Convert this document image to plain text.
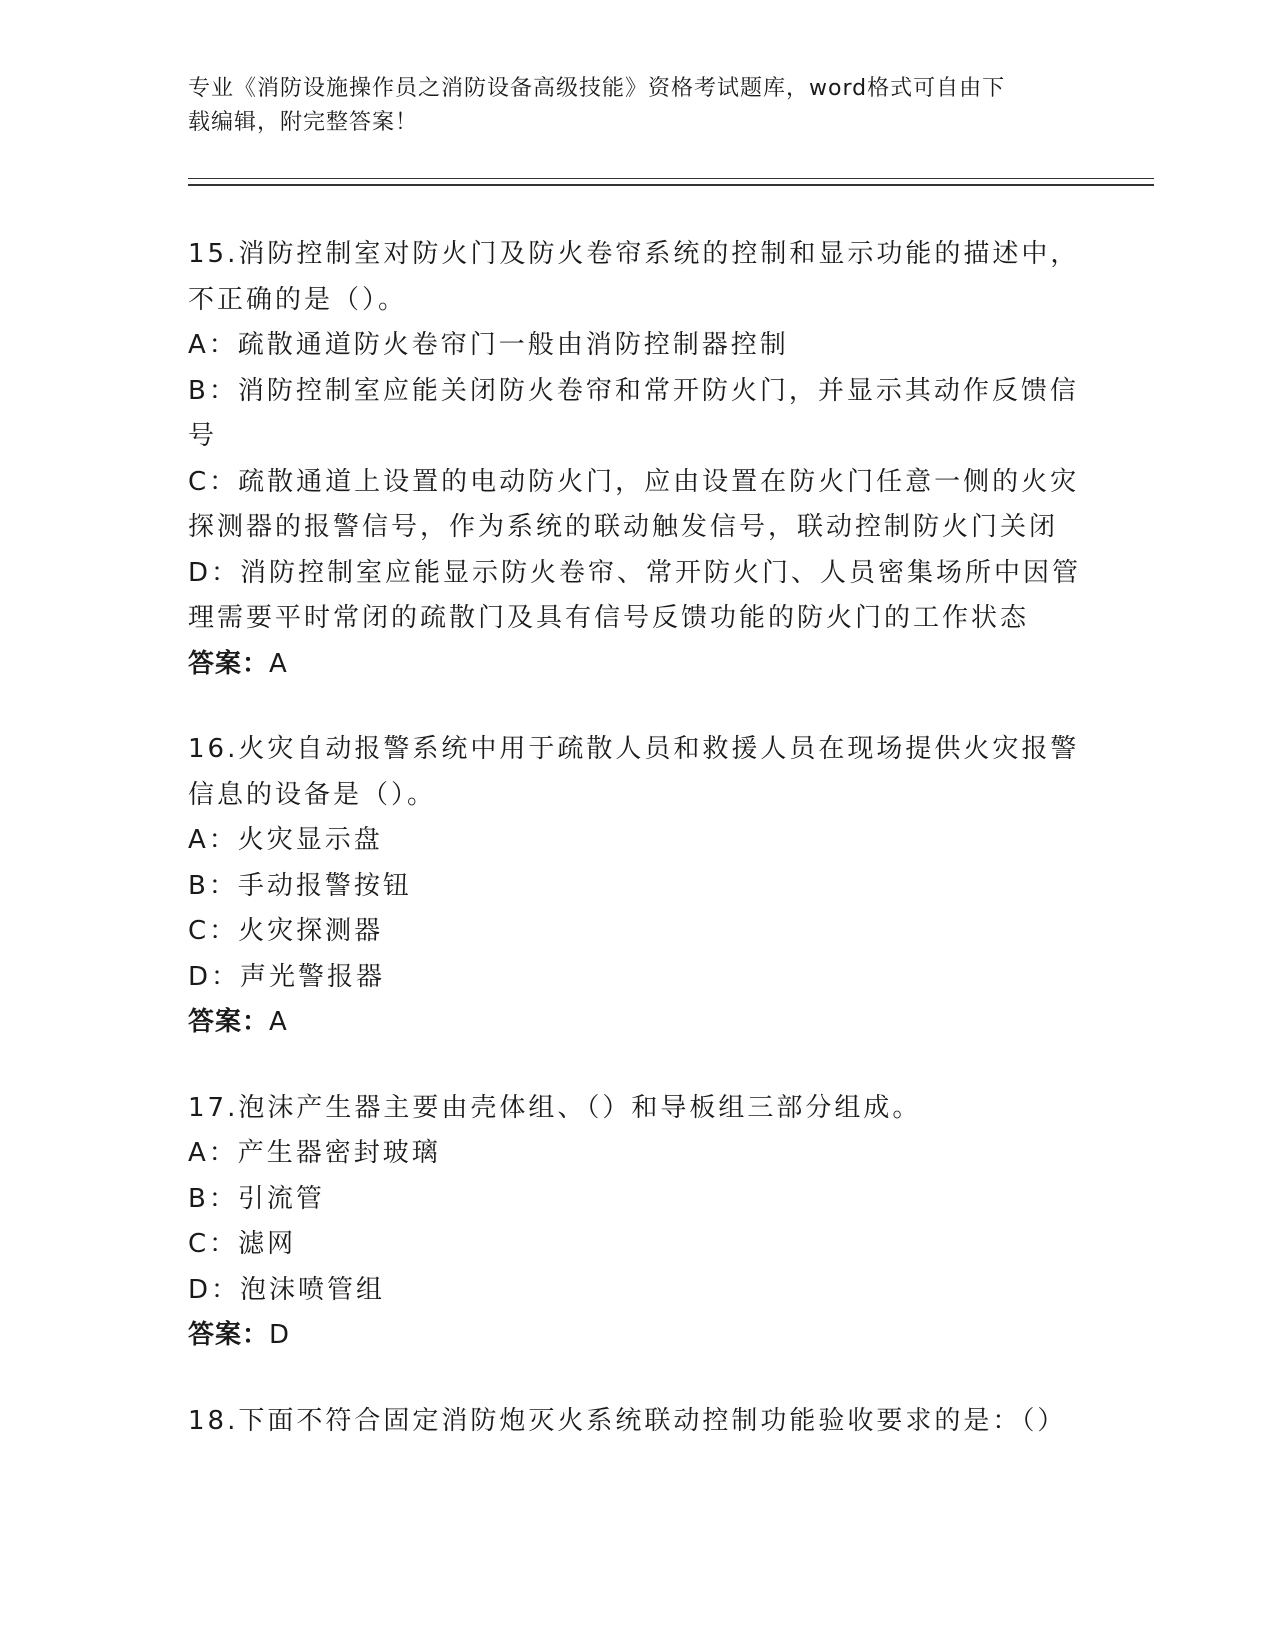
专业《消防设施操作员之消防设备高级技能》资格考试题库，word格式可自由下
载编辑，附完整答案！
15.消防控制室对防火门及防火卷帘系统的控制和显示功能的描述中，
不正确的是（）。
A：疏散通道防火卷帘门一般由消防控制器控制
B：消防控制室应能关闭防火卷帘和常开防火门，并显示其动作反馈信
号
C：疏散通道上设置的电动防火门，应由设置在防火门任意一侧的火灾
探测器的报警信号，作为系统的联动触发信号，联动控制防火门关闭
D：消防控制室应能显示防火卷帘、常开防火门、人员密集场所中因管
理需要平时常闭的疏散门及具有信号反馈功能的防火门的工作状态
答案：A
16.火灾自动报警系统中用于疏散人员和救援人员在现场提供火灾报警
信息的设备是（）。
A：火灾显示盘
B：手动报警按钮
C：火灾探测器
D：声光警报器
答案：A
17.泡沫产生器主要由壳体组、（）和导板组三部分组成。
A：产生器密封玻璃
B：引流管
C：滤网
D：泡沫喷管组
答案：D
18.下面不符合固定消防炮灭火系统联动控制功能验收要求的是：（）
